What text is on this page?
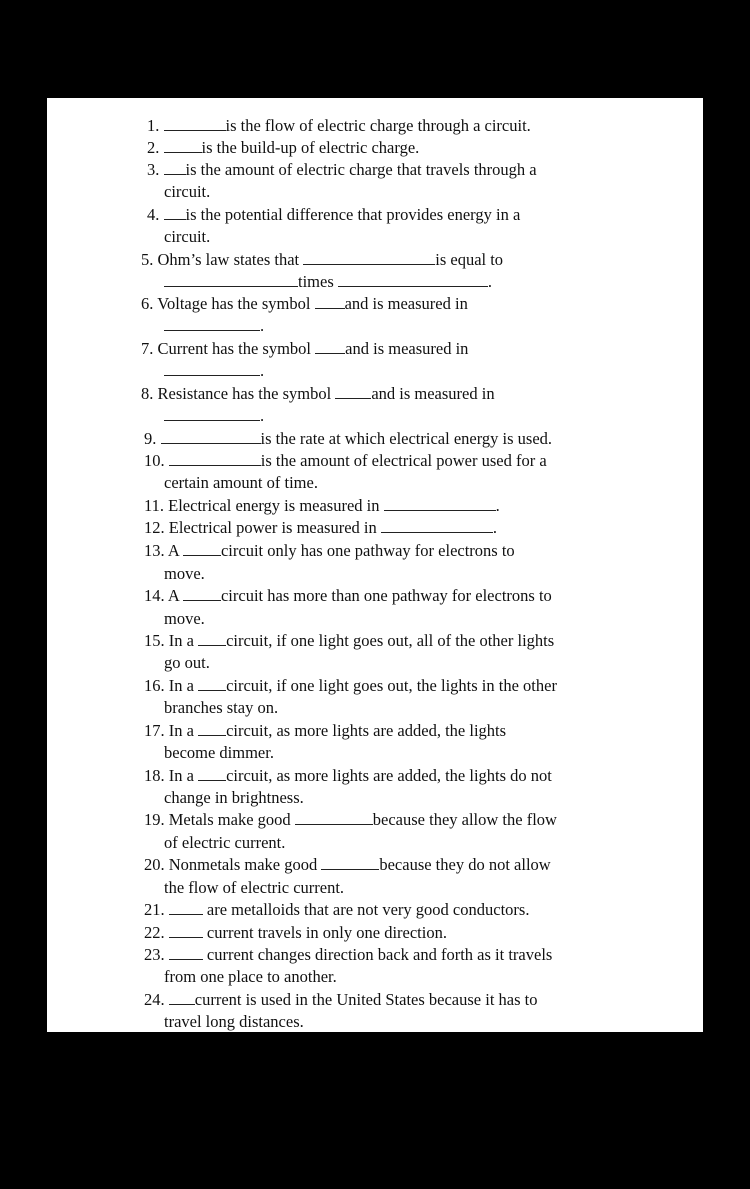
1.	is the flow of electric charge through a circuit.
2.	is the build-up of electric charge.
3. is the amount of electric charge that travels through a
circuit.
4. is the potential difference that provides energy in a
circuit.
5. Ohm’s law states that	is equal to
times	.
6. Voltage has the symbol and is measured in
.
7. Current has the symbol and is measured in
.
8. Resistance has the symbol and is measured in
.
9.	is the rate at which electrical energy is used.
10.	is the amount of electrical power used for a
certain amount of time.
11. Electrical energy is measured in	.
12. Electrical power is measured in	.
13. A	circuit only has one pathway for electrons to
move.
14. A	circuit has more than one pathway for electrons to
move.
15. In a circuit, if one light goes out, all of the other lights
go out.
16. In a circuit, if one light goes out, the lights in the other
branches stay on.
17. In a circuit, as more lights are added, the lights
become dimmer.
18. In a circuit, as more lights are added, the lights do not
change in brightness.
19. Metals make good	because they allow the flow
of electric current.
20. Nonmetals make good	because they do not allow
the flow of electric current.
21.	are metalloids that are not very good conductors.
22.	current travels in only one direction.
23.	current changes direction back and forth as it travels
from one place to another.
24. current is used in the United States because it has to
travel long distances.
